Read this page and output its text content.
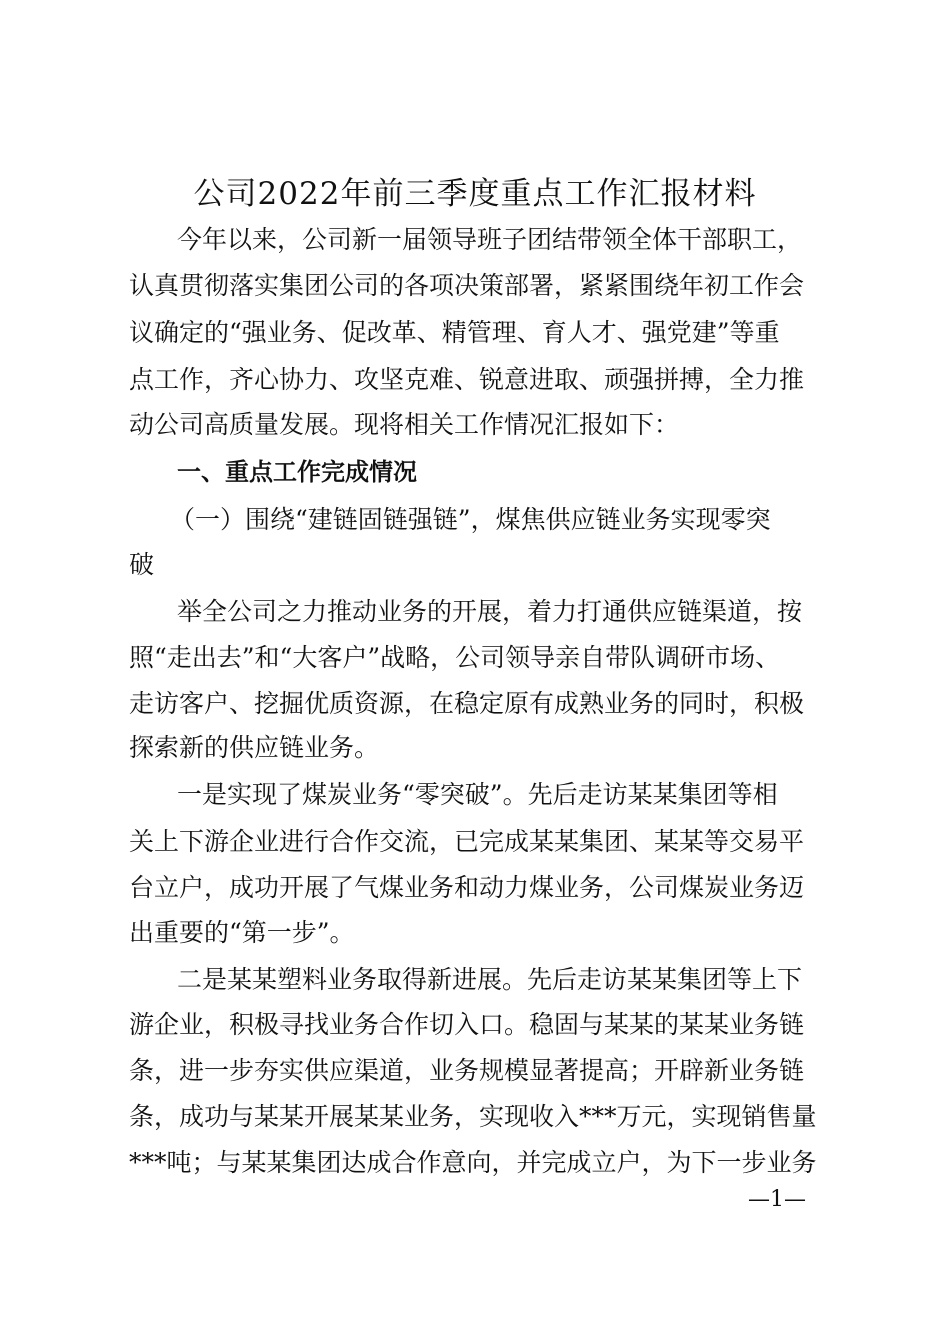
公司2022年前三季度重点工作汇报材料
今年以来，公司新一届领导班子团结带领全体干部职工，
认真贯彻落实集团公司的各项决策部署，紧紧围绕年初工作会
议确定的“强业务、促改革、精管理、育人才、强党建”等重
点工作，齐心协力、攻坚克难、锐意进取、顽强拼搏，全力推
动公司高质量发展。现将相关工作情况汇报如下：
一、重点工作完成情况
（一）围绕“建链固链强链”，煤焦供应链业务实现零突
破
举全公司之力推动业务的开展，着力打通供应链渠道，按
照“走出去”和“大客户”战略，公司领导亲自带队调研市场、
走访客户、挖掘优质资源，在稳定原有成熟业务的同时，积极
探索新的供应链业务。
一是实现了煤炭业务“零突破”。先后走访某某集团等相
关上下游企业进行合作交流，已完成某某集团、某某等交易平
台立户，成功开展了气煤业务和动力煤业务，公司煤炭业务迈
出重要的“第一步”。
二是某某塑料业务取得新进展。先后走访某某集团等上下
游企业，积极寻找业务合作切入口。稳固与某某的某某业务链
条，进一步夯实供应渠道，业务规模显著提高；开辟新业务链
条，成功与某某开展某某业务，实现收入***万元，实现销售量
***吨；与某某集团达成合作意向，并完成立户，为下一步业务
—1—
